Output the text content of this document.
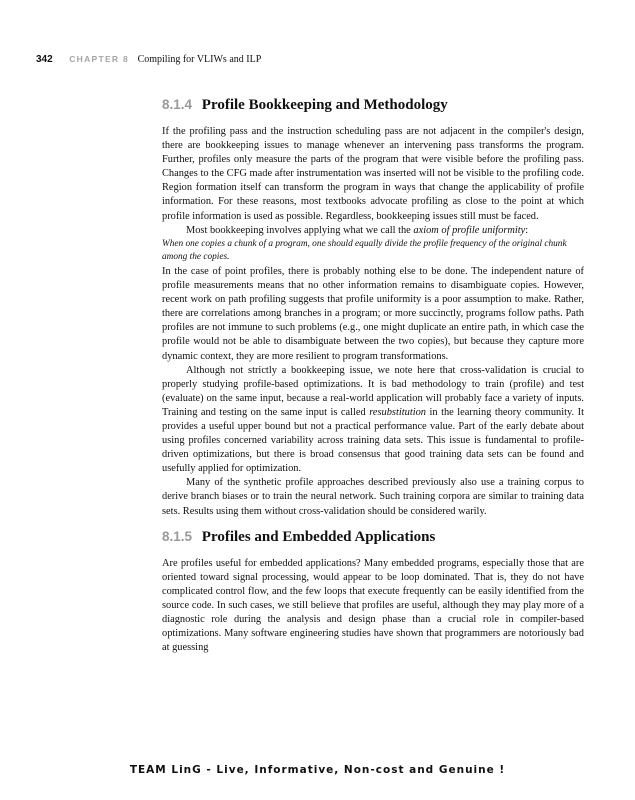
342 CHAPTER 8 Compiling for VLIWs and ILP
8.1.4 Profile Bookkeeping and Methodology

If the profiling pass and the instruction scheduling pass are not adjacent in the compiler's design, there are bookkeeping issues to manage whenever an intervening pass transforms the program. Further, profiles only measure the parts of the program that were visible before the profiling pass. Changes to the CFG made after instrumentation was inserted will not be visible to the profiling code. Region formation itself can transform the program in ways that change the applicability of profile information. For these reasons, most textbooks advocate profiling as close to the point at which profile information is used as possible. Regardless, bookkeeping issues still must be faced.

Most bookkeeping involves applying what we call the axiom of profile uniformity:

When one copies a chunk of a program, one should equally divide the profile frequency of the original chunk among the copies.

In the case of point profiles, there is probably nothing else to be done. The independent nature of profile measurements means that no other information remains to disambiguate copies. However, recent work on path profiling suggests that profile uniformity is a poor assumption to make. Rather, there are correlations among branches in a program; or more succinctly, programs follow paths. Path profiles are not immune to such problems (e.g., one might duplicate an entire path, in which case the profile would not be able to disambiguate between the two copies), but because they capture more dynamic context, they are more resilient to program transformations.

Although not strictly a bookkeeping issue, we note here that cross-validation is crucial to properly studying profile-based optimizations. It is bad methodology to train (profile) and test (evaluate) on the same input, because a real-world application will probably face a variety of inputs. Training and testing on the same input is called resubstitution in the learning theory community. It provides a useful upper bound but not a practical performance value. Part of the early debate about using profiles concerned variability across training data sets. This issue is fundamental to profile-driven optimizations, but there is broad consensus that good training data sets can be found and usefully applied for optimization.

Many of the synthetic profile approaches described previously also use a training corpus to derive branch biases or to train the neural network. Such training corpora are similar to training data sets. Results using them without cross-validation should be considered warily.

8.1.5 Profiles and Embedded Applications

Are profiles useful for embedded applications? Many embedded programs, especially those that are oriented toward signal processing, would appear to be loop dominated. That is, they do not have complicated control flow, and the few loops that execute frequently can be easily identified from the source code. In such cases, we still believe that profiles are useful, although they may play more of a diagnostic role during the analysis and design phase than a crucial role in compiler-based optimizations. Many software engineering studies have shown that programmers are notoriously bad at guessing

TEAM LinG - Live, Informative, Non-cost and Genuine !
